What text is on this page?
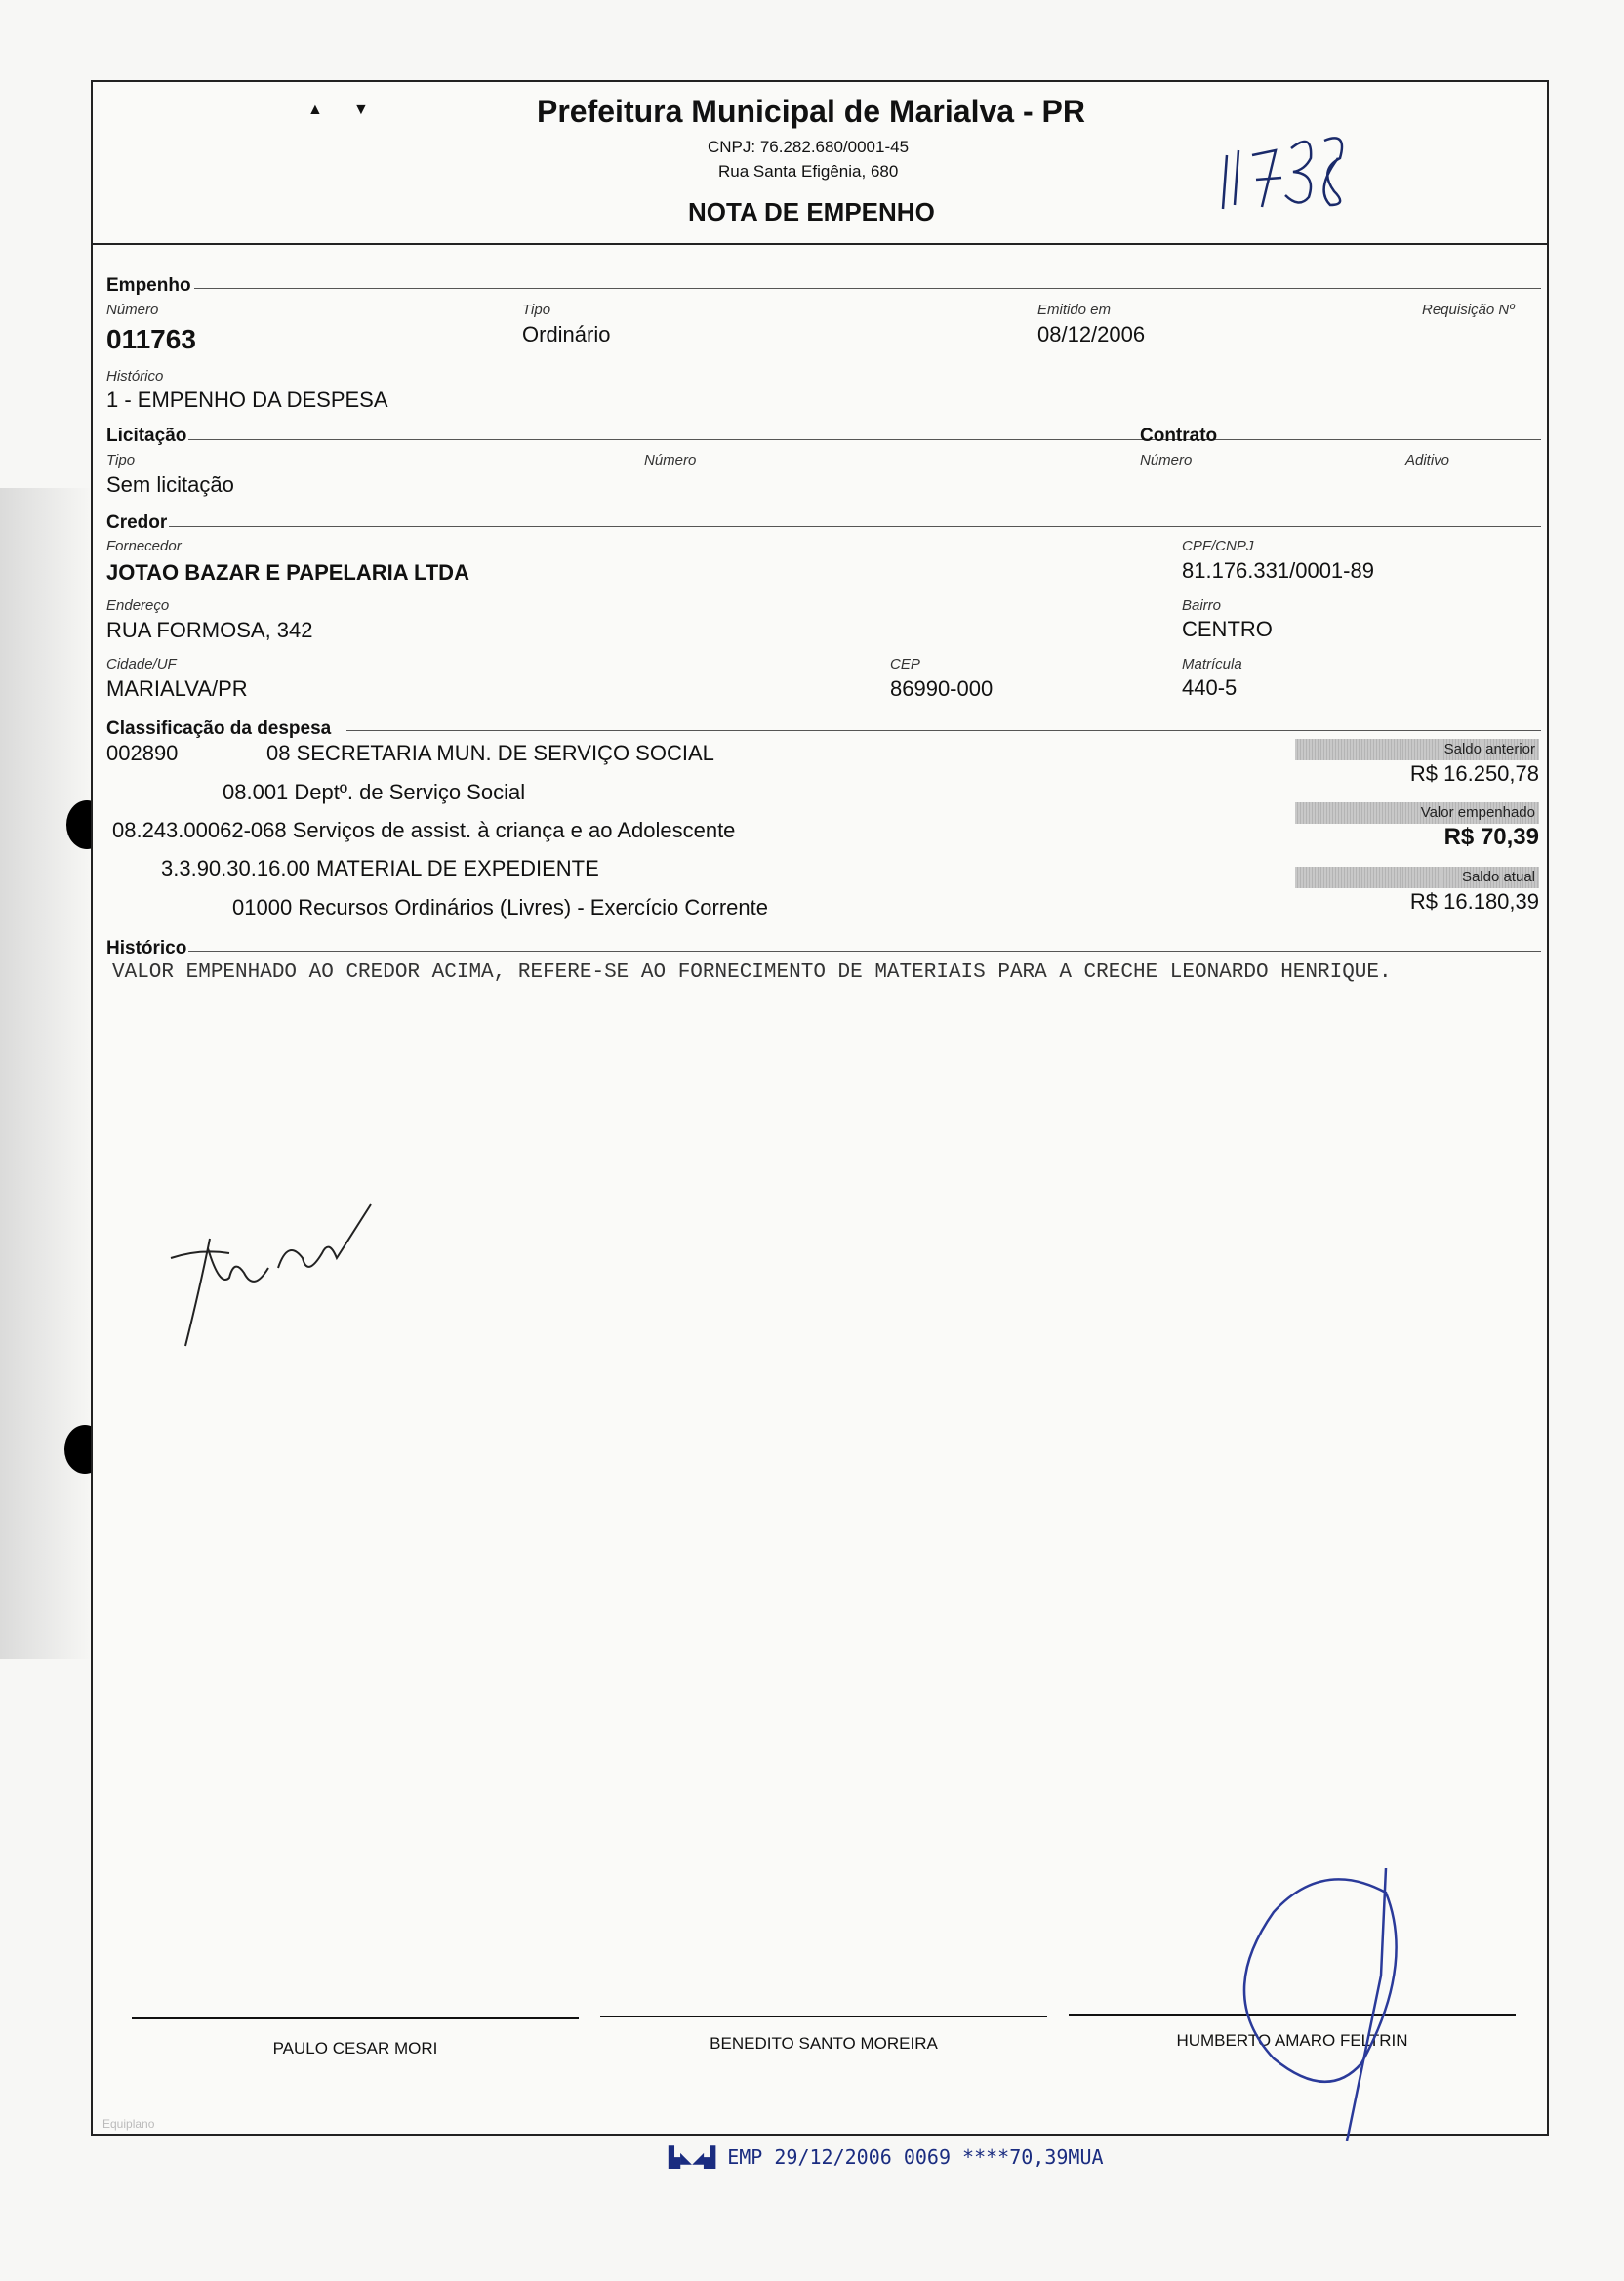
▲       ▼	Prefeitura Municipal de Marialva - PR
CNPJ: 76.282.680/0001-45
Rua Santa Efigênia, 680
NOTA DE EMPENHO
Empenho
Número
011763
Tipo
Ordinário
Emitido em
08/12/2006
Requisição Nº
Histórico
1 - EMPENHO DA DESPESA
Licitação	Contrato
Tipo
Sem licitação
Número	Número	Aditivo
Credor
Fornecedor
JOTAO BAZAR E PAPELARIA LTDA
CPF/CNPJ
81.176.331/0001-89
Endereço
RUA FORMOSA, 342
Bairro
CENTRO
Cidade/UF
MARIALVA/PR
CEP
86990-000
Matrícula
440-5
Classificação da despesa
002890	08 SECRETARIA MUN. DE SERVIÇO SOCIAL
08.001 Deptº. de Serviço Social
08.243.00062-068 Serviços de assist. à criança e ao Adolescente
3.3.90.30.16.00 MATERIAL DE EXPEDIENTE
01000 Recursos Ordinários (Livres) - Exercício Corrente
Saldo anterior
R$ 16.250,78
Valor empenhado
R$ 70,39
Saldo atual
R$ 16.180,39
Histórico
VALOR EMPENHADO AO CREDOR ACIMA, REFERE-SE AO FORNECIMENTO DE MATERIAIS PARA A CRECHE LEONARDO HENRIQUE.
PAULO CESAR MORI	BENEDITO SANTO MOREIRA	HUMBERTO AMARO FELTRIN
Equiplano
▙◣◢▟ EMP 29/12/2006 0069 ****70,39MUA
